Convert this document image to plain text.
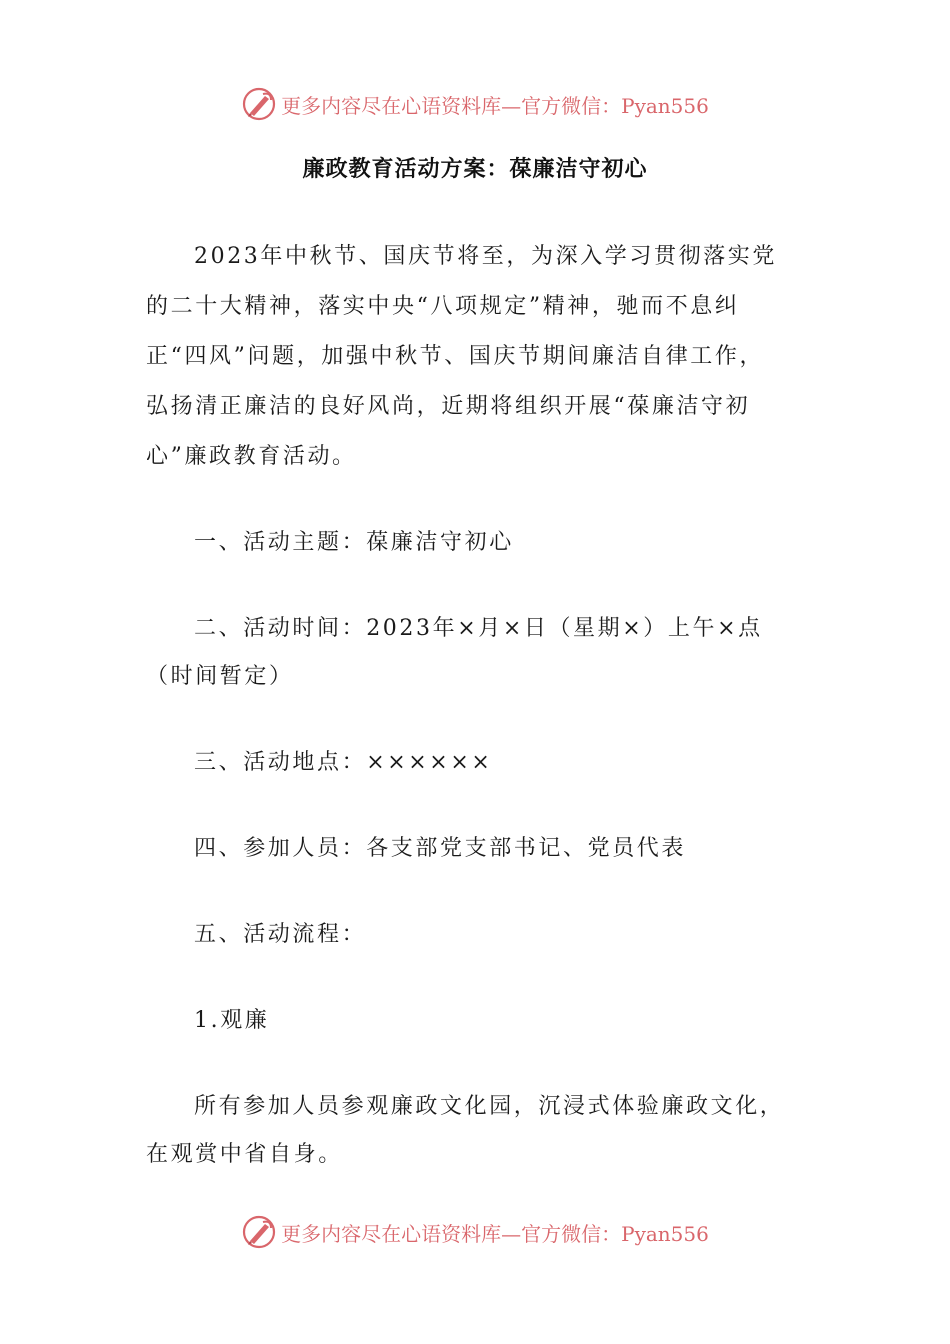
更多内容尽在心语资料库—官方微信：Pyan556
廉政教育活动方案：葆廉洁守初心
2023年中秋节、国庆节将至，为深入学习贯彻落实党
的二十大精神，落实中央“八项规定”精神，驰而不息纠
正“四风”问题，加强中秋节、国庆节期间廉洁自律工作，
弘扬清正廉洁的良好风尚，近期将组织开展“葆廉洁守初
心”廉政教育活动。
一、活动主题：葆廉洁守初心
二、活动时间：2023年×月×日（星期×）上午×点
（时间暂定）
三、活动地点：××××××
四、参加人员：各支部党支部书记、党员代表
五、活动流程：
1.观廉
所有参加人员参观廉政文化园，沉浸式体验廉政文化，
在观赏中省自身。
更多内容尽在心语资料库—官方微信：Pyan556
